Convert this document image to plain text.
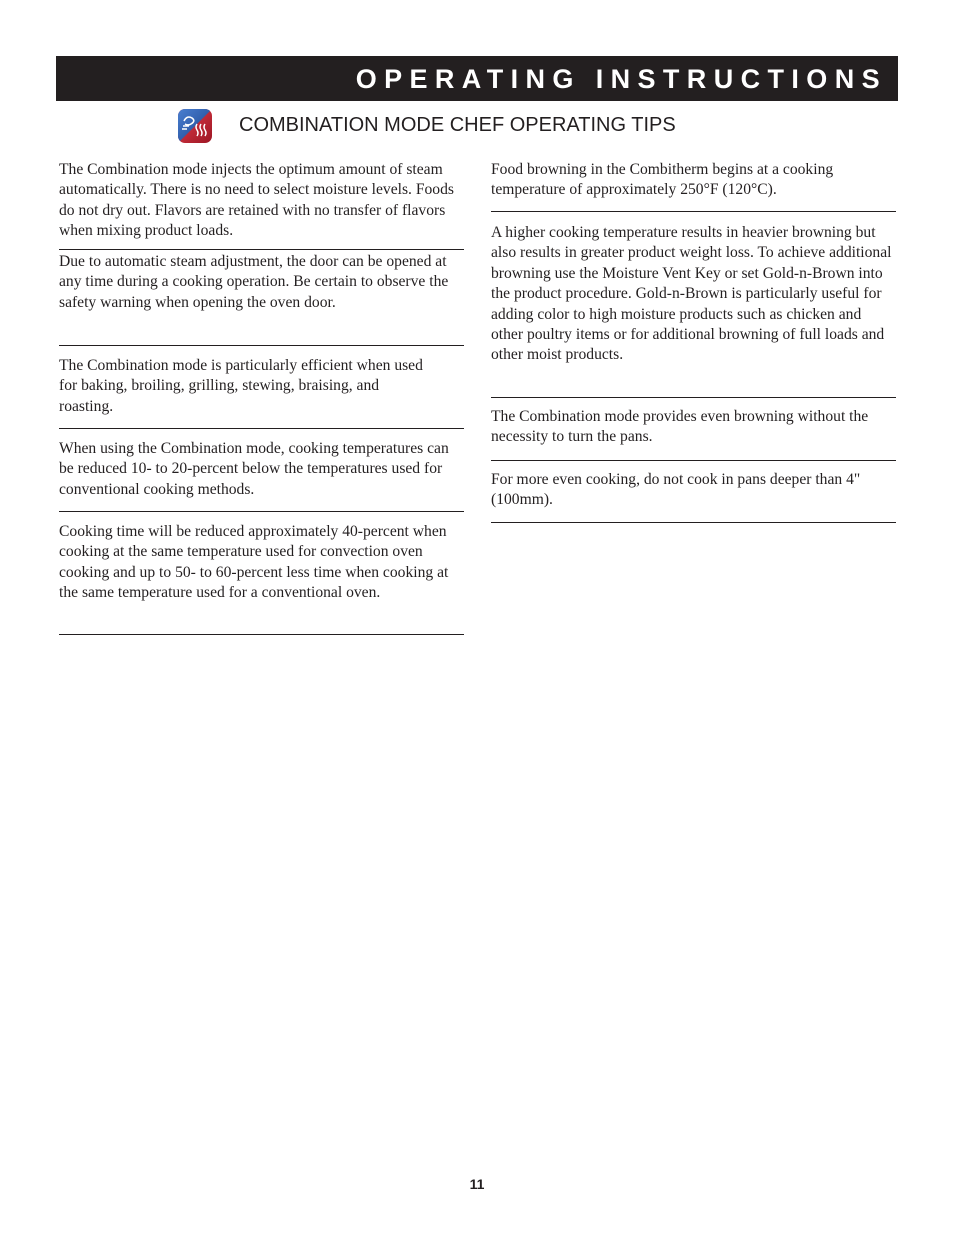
OPERATING INSTRUCTIONS
COMBINATION MODE CHEF OPERATING TIPS

The Combination mode injects the optimum amount of steam automatically. There is no need to select moisture levels. Foods do not dry out. Flavors are retained with no transfer of flavors when mixing product loads.

Due to automatic steam adjustment, the door can be opened at any time during a cooking operation. Be certain to observe the safety warning when opening the oven door.

The Combination mode is particularly efficient when used for baking, broiling, grilling, stewing, braising, and roasting.

When using the Combination mode, cooking temperatures can be reduced 10- to 20-percent below the temperatures used for conventional cooking methods.

Cooking time will be reduced approximately 40-percent when cooking at the same temperature used for convection oven cooking and up to 50- to 60-percent less time when cooking at the same temperature used for a conventional oven.

Food browning in the Combitherm begins at a cooking temperature of approximately 250°F (120°C).

A higher cooking temperature results in heavier browning but also results in greater product weight loss. To achieve additional browning use the Moisture Vent Key or set Gold-n-Brown into the product procedure. Gold-n-Brown is particularly useful for adding color to high moisture products such as chicken and other poultry items or for additional browning of full loads and other moist products.

The Combination mode provides even browning without the necessity to turn the pans.

For more even cooking, do not cook in pans deeper than 4" (100mm).

11
